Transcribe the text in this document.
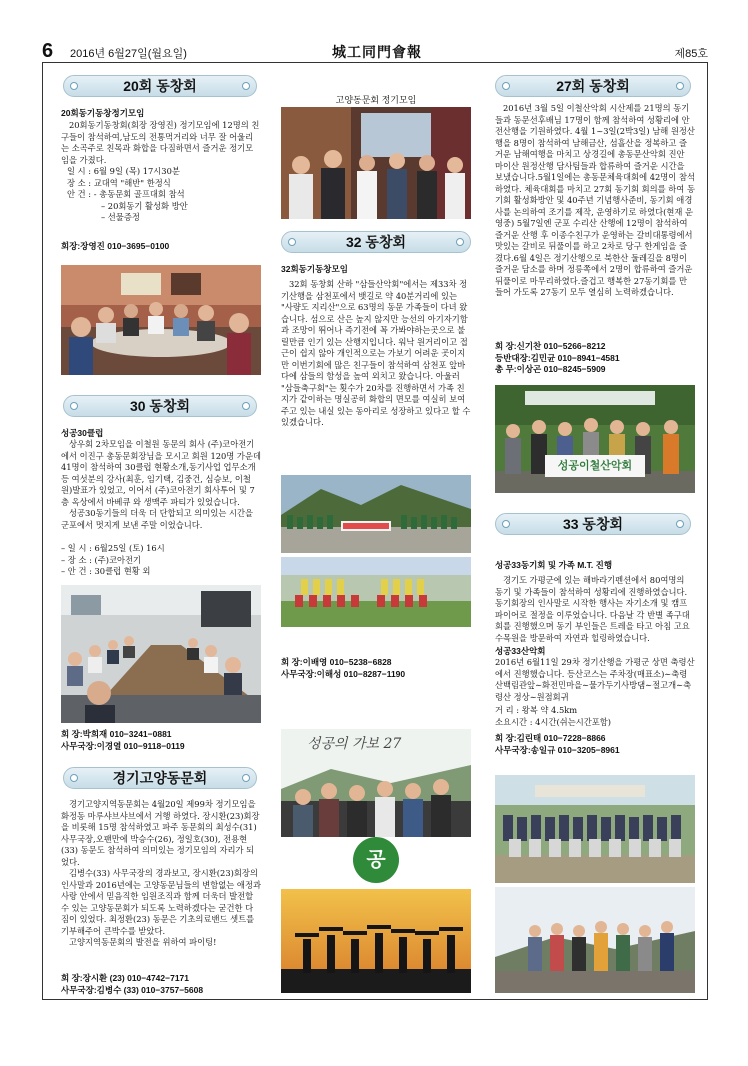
6 2016년 6월27일(월요일)	城工同門會報	제85호
20회 동창회
20회동기동창정기모임

20회동기동창회(회장 장영진) 정기모임에 12명의 친구들이 참석하여,남도의 전통먹거리와 너무 잘 어울리는 소곡주로 친목과 화합을 다짐하면서 즐거운 정기모임을 가졌다.

일 시 : 6월 9일 (목) 17시30분
장 소 : 교대역 "해반" 한정식
안 건 : - 총동문회 골프대회 참석
– 20회동기 활성화 방안
– 선물증정
회장:장영진 010−3695−0100
30 동창회
성공30클럽

상우회 2차모임을 이철원 동문의 회사 (주)코아전기에서 이진구 총동문회장님을 모시고 회원 120명 가운데 41명이 참석하여 30클럽 현황소개,동기사업 업무소개 등 여섯분의 강사(최훈, 임기택, 김중건, 심승보, 이철원)발표가 있었고, 이어서 (주)코아전기 회사투어 및 7층 옥상에서 바베큐 와 생맥주 파티가 있었습니다.

성공30동기들의 더욱 더 단합되고 의미있는 시간을 군포에서 멋지게 보낸 주말 이었습니다.

– 일 시 : 6월25일 (토) 16시
– 장 소 : (주)코아전기
– 안 건 : 30클럽 현황 외
회 장:박희재 010−3241−0881
사무국장:이경열 010−9118−0119
경기고양동문회

경기고양지역동문회는 4월20일 제99차 정기모임을 화정동 마루샤브샤브에서 거행 하였다. 장시환(23)회장을 비롯해 15명 참석하였고 파주 동문회의 최성수(31)사무국장,오팬만에 박승수(26), 정일호(30), 전용현(33) 동문도 참석하여 의미있는 정기모임의 자리가 되었다.

김병수(33) 사무국장의 경과보고, 장시환(23)회장의 인사말과 2016년에는 고양동문님들의 변함없는 애정과 사랑 안에서 믿음직한 임원조직과 함께 더욱더 발전할 수 있는 고양동문회가 되도록 노력하겠다는 굳건한 다짐이 있었다. 최정환(23) 동문은 기초의료밴드 셋트를 기부해주어 큰박수를 받았다.

고양지역동문회의 발전을 위하여 파이팅!

회 장:장시환 (23) 010−4742−7171
사무국장:김병수 (33) 010−3757−5608
고양동문회 정기모임
32 동창회
32회동기동창모임

32회 동창회 산하 "삼들산악회"에서는 제33차 정기산행을 삼천포에서 뱃길로 약 40분거리에 있는 "사량도 지리산"으로 63명의 동문 가족들이 다녀 왔습니다. 섬으로 산은 높지 않지만 능선의 아기자기함과 조망이 뛰어나 즉기전에 꼭 가봐야하는곳으로 불릴만큼 인기 있는 산행지입니다. 워낙 원거리이고 접근이 쉽지 않아 개인적으로는 가보기 어려운 곳이지만 이번기회에 많은 친구들이 참석하여 삼천포 앞바다에 삼들의 함성을 높여 외치고 왔습니다. 아울러 "삼들축구회"는 횟수가 20차를 진행하면서 가족 친지가 같이하는 명실공히 화합의 면모를 여실히 보여주고 있는 내실 있는 동아리로 성장하고 있다고 할 수 있겠습니다.

회 장:이배영 010−5238−6828
사무국장:이해성 010−8287−1190
성공의 가보 27
공
27회 동창회

2016년 3월 5일 이철산악회 시산제를 21명의 동기들과 동문선후배님 17명이 함께 참석하여 성황리에 안전산행을 기원하였다. 4월 1~3일(2박3일) 남해 원정산행을 8명이 참석하여 남해금산, 섬흘산을 정복하고 즐거운 남해여행을 마치고 상경길에 총동문산악회 진안 마이산 원정산행 담사팀들과 합류하여 즐거운 시간을 보냈습니다.5월1일에는 총동문체육대회에 42명이 참석하였다. 체육대회를 마치고 27회 동기회 회의를 하여 동기회 활성화방안 및 40주년 기념행사준비, 동기회 애경사를 논의하여 조기를 제작, 운영하기로 하였다(현재 운영중) 5월7일엔 군포 수리산 산행에 12명이 참석하여 즐거운 산행 후 이종수친구가 운영하는 갈비대통령에서 맛있는 갈비로 뒤풀이를 하고 2차로 당구 한게임을 즐겼다.6월 4일은 정기산행으로 북한산 둘레길을 8명이 즐거운 담소를 하며 정릉쪽에서 2명이 합류하여 즐거운 뒤풀이로 마무리하였다.즐겁고 행복한 27동기회를 만들어 가도록 27동기 모두 열심히 노력하겠습니다.

회 장:신기찬 010−5266−8212
등반대장:김민균 010−8941−4581
총 무:이상곤 010−8245−5909
성공이철산악회
33 동창회
성공33동기회 및 가족 M.T. 진행

경기도 가평군에 있는 해바라기펜션에서 80여명의 동기 및 가족들이 참석하여 성황리에 진행하였습니다. 동기회장의 인사말로 시작한 행사는 자기소개 및 캠프파이어로 절정을 이루었습니다. 다음날 각 반별 족구대회를 진행했으며 동기 부인들은 트레을 타고 아침 고요수목원을 방문하여 자연과 힐링하였습니다.

성공33산악회

2016년 6월11일 29차 정기산행을 가평군 상면 축령산에서 진행했습니다. 등산코스는 주차장(매표소)∼축령산백림관앞∼화전민마을∼물가두기사방댐∼절고개∼축령산 정상∼원점회귀

거 리 : 왕복 약 4.5km
소요시간 : 4시간(쉬는시간포함)
회 장:김린태 010−7228−8866
사무국장:송일규 010−3205−8961
